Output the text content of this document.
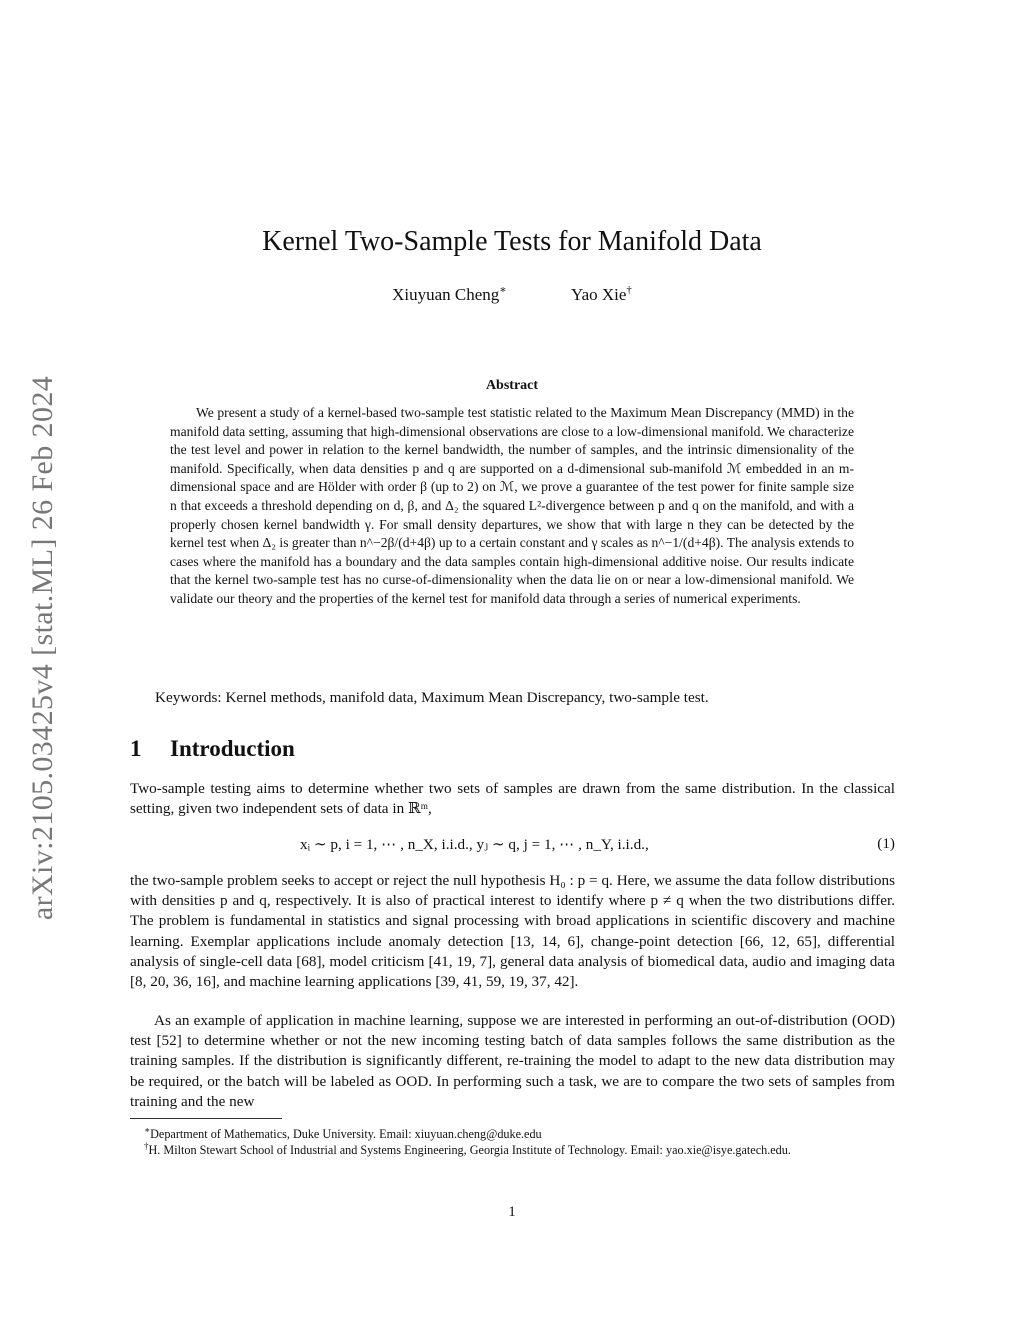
arXiv:2105.03425v4 [stat.ML] 26 Feb 2024
Kernel Two-Sample Tests for Manifold Data
Xiuyuan Cheng∗	Yao Xie†
Abstract
We present a study of a kernel-based two-sample test statistic related to the Maximum Mean Discrepancy (MMD) in the manifold data setting, assuming that high-dimensional observations are close to a low-dimensional manifold. We characterize the test level and power in relation to the kernel bandwidth, the number of samples, and the intrinsic dimensionality of the manifold. Specifically, when data densities p and q are supported on a d-dimensional sub-manifold ℳ embedded in an m-dimensional space and are Hölder with order β (up to 2) on ℳ, we prove a guarantee of the test power for finite sample size n that exceeds a threshold depending on d, β, and Δ₂ the squared L²-divergence between p and q on the manifold, and with a properly chosen kernel bandwidth γ. For small density departures, we show that with large n they can be detected by the kernel test when Δ₂ is greater than n^−2β/(d+4β) up to a certain constant and γ scales as n^−1/(d+4β). The analysis extends to cases where the manifold has a boundary and the data samples contain high-dimensional additive noise. Our results indicate that the kernel two-sample test has no curse-of-dimensionality when the data lie on or near a low-dimensional manifold. We validate our theory and the properties of the kernel test for manifold data through a series of numerical experiments.
Keywords: Kernel methods, manifold data, Maximum Mean Discrepancy, two-sample test.
1 Introduction
Two-sample testing aims to determine whether two sets of samples are drawn from the same distribution. In the classical setting, given two independent sets of data in ℝᵐ,
xᵢ ∼ p, i = 1, ⋯ , n_X, i.i.d., yⱼ ∼ q, j = 1, ⋯ , n_Y, i.i.d.,	(1)
the two-sample problem seeks to accept or reject the null hypothesis H₀ : p = q. Here, we assume the data follow distributions with densities p and q, respectively. It is also of practical interest to identify where p ≠ q when the two distributions differ. The problem is fundamental in statistics and signal processing with broad applications in scientific discovery and machine learning. Exemplar applications include anomaly detection [13, 14, 6], change-point detection [66, 12, 65], differential analysis of single-cell data [68], model criticism [41, 19, 7], general data analysis of biomedical data, audio and imaging data [8, 20, 36, 16], and machine learning applications [39, 41, 59, 19, 37, 42].
As an example of application in machine learning, suppose we are interested in performing an out-of-distribution (OOD) test [52] to determine whether or not the new incoming testing batch of data samples follows the same distribution as the training samples. If the distribution is significantly different, re-training the model to adapt to the new data distribution may be required, or the batch will be labeled as OOD. In performing such a task, we are to compare the two sets of samples from training and the new
∗Department of Mathematics, Duke University. Email: xiuyuan.cheng@duke.edu
†H. Milton Stewart School of Industrial and Systems Engineering, Georgia Institute of Technology. Email: yao.xie@isye.gatech.edu.
1
